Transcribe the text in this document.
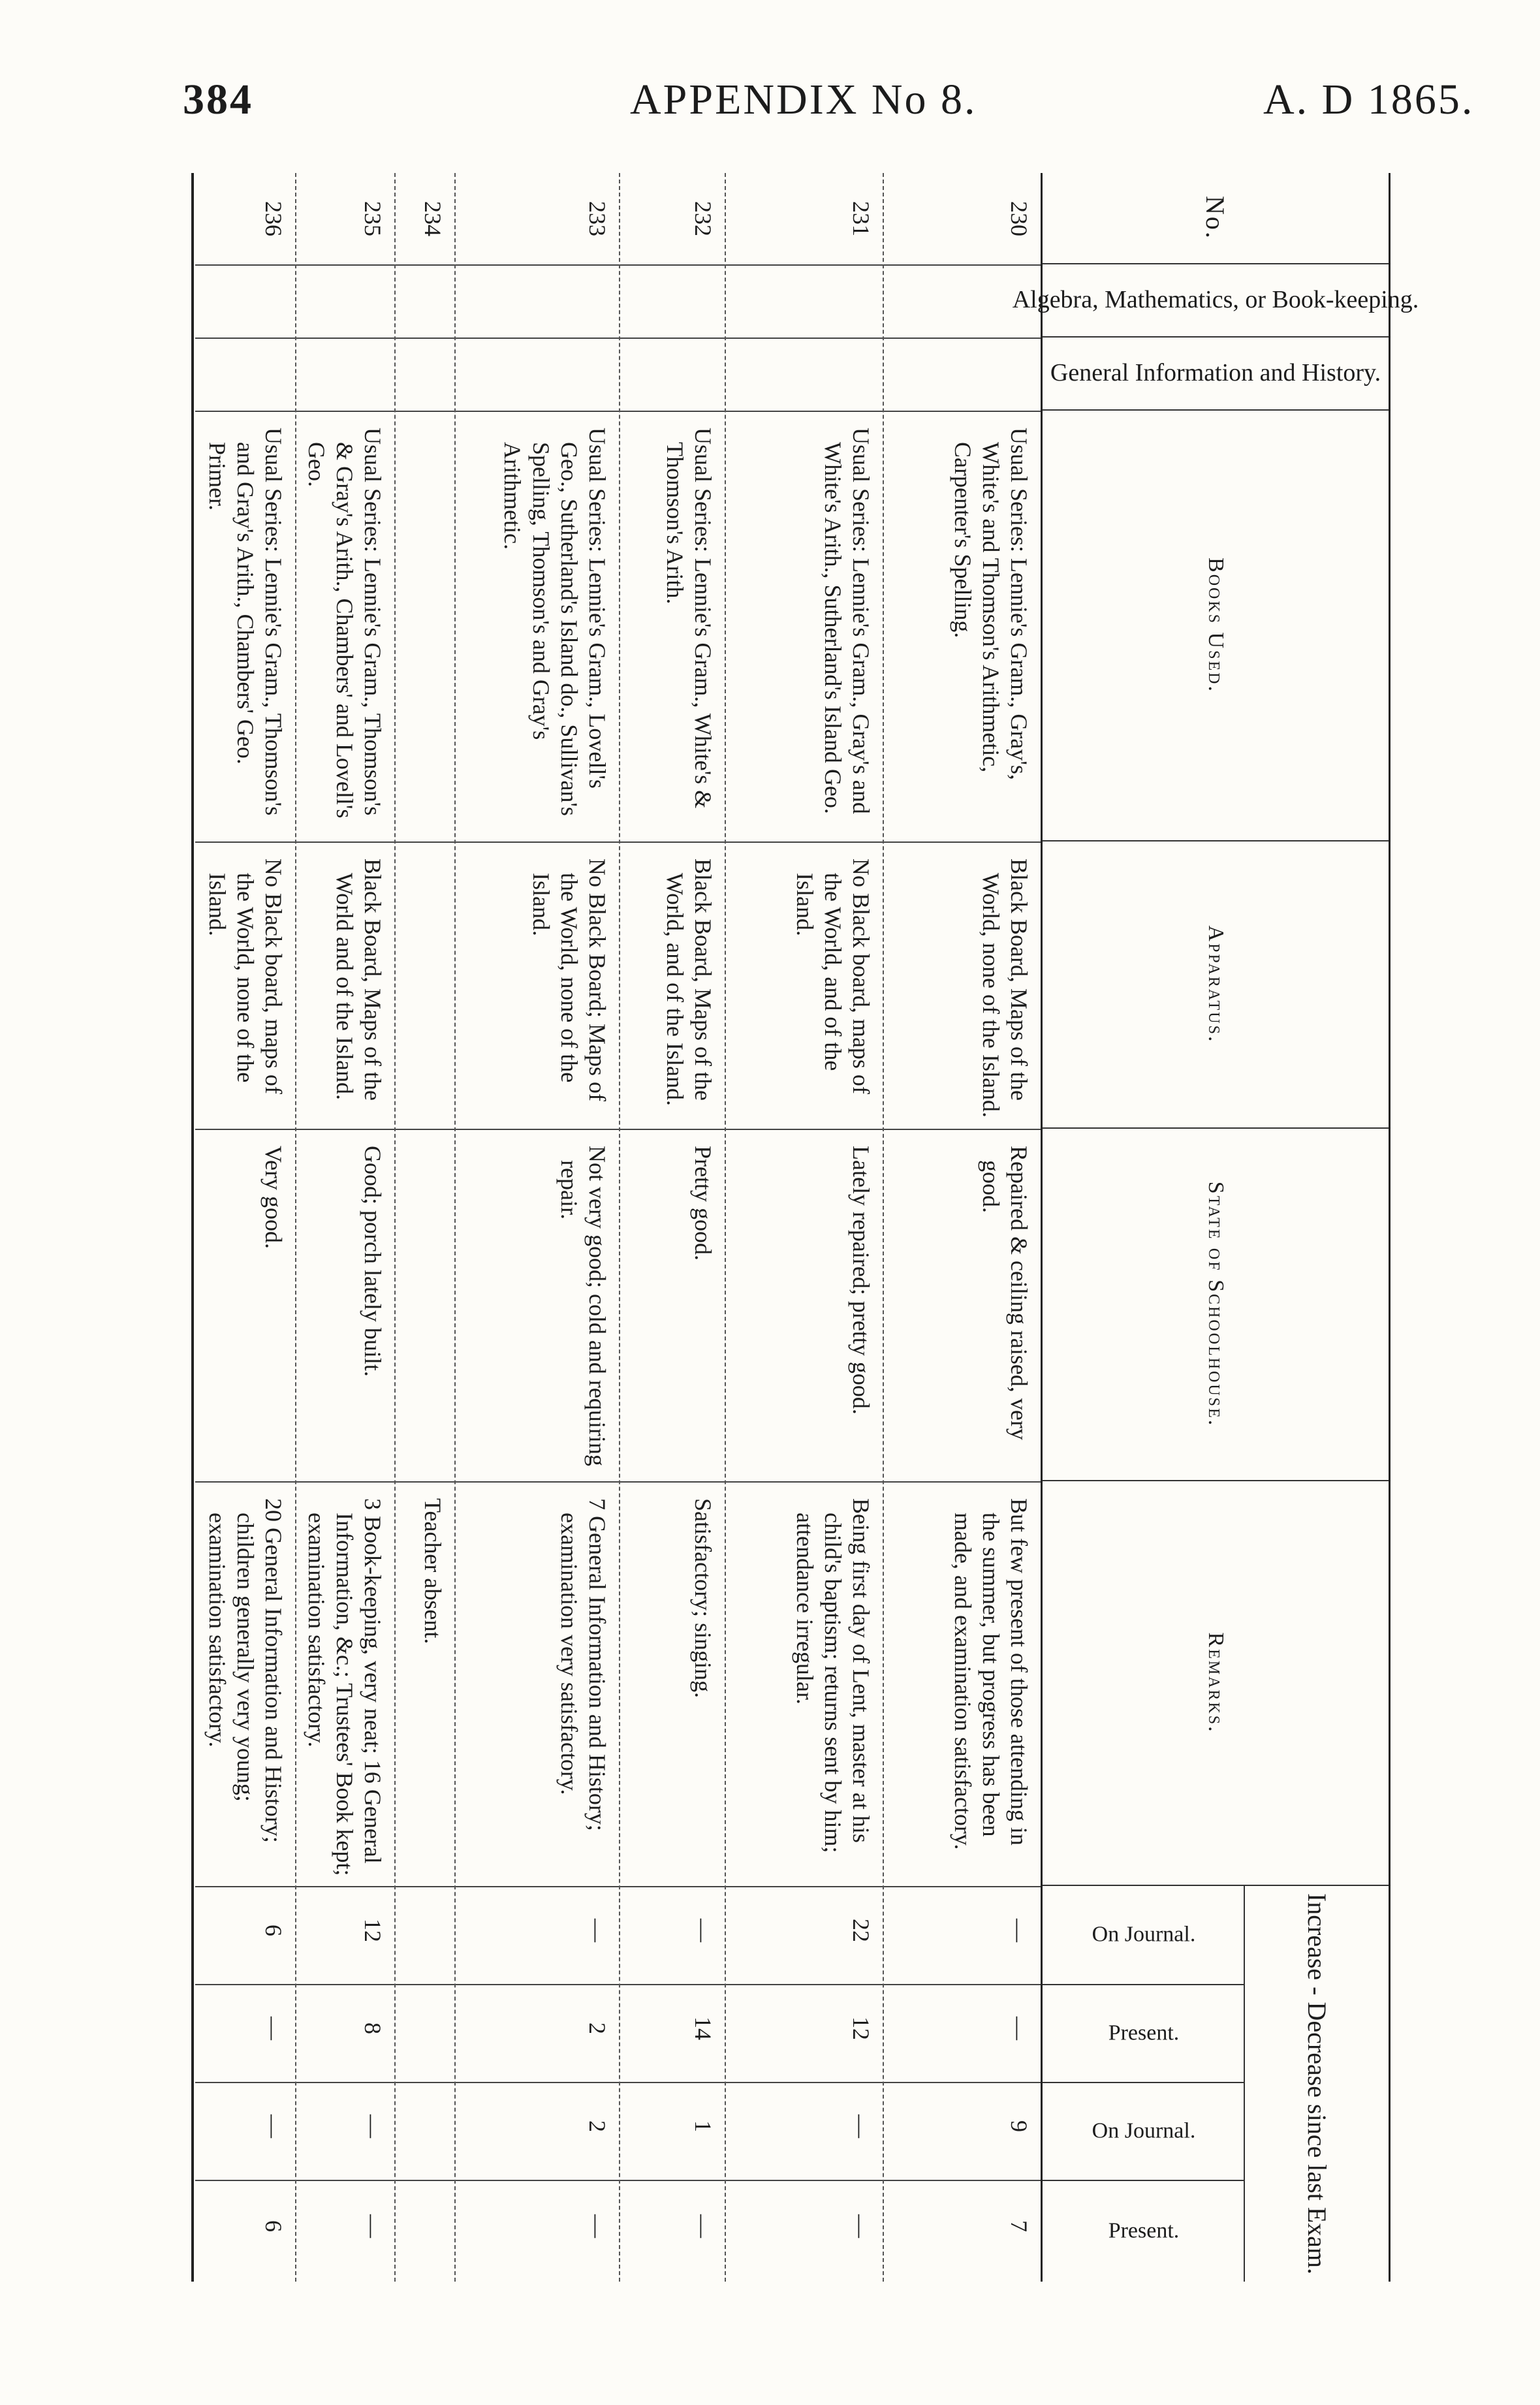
384	APPENDIX No 8.	A. D 1865.
No.
Algebra, Mathematics, or Book-keeping.
General Information and History.
Books Used.
Apparatus.
State of Schoolhouse.
Remarks.
Increase - Decrease since last Exam.
On Journal.
Present.
On Journal.
Present.
230
Usual Series: Lennie's Gram., Gray's, White's and Thomson's Arithmetic, Carpenter's Spelling.
Black Board, Maps of the World, none of the Island.
Repaired & ceiling raised, very good.
But few present of those attending in the summer, but progress has been made, and examination satisfactory.
—
—
9
7
231
Usual Series: Lennie's Gram., Gray's and White's Arith., Sutherland's Island Geo.
No Black board, maps of the World, and of the Island.
Lately repaired; pretty good.
Being first day of Lent, master at his child's baptism; returns sent by him; attendance irregular.
22
12
—
—
232
Usual Series: Lennie's Gram., White's & Thomson's Arith.
Black Board, Maps of the World, and of the Island.
Pretty good.
Satisfactory; singing.
—
14
1
—
233
Usual Series: Lennie's Gram., Lovell's Geo., Sutherland's Island do., Sullivan's Spelling, Thomson's and Gray's Arithmetic.
No Black Board; Maps of the World, none of the Island.
Not very good; cold and requiring repair.
7 General Information and History; examination very satisfactory.
—
2
2
—
234
Teacher absent.
235
Usual Series: Lennie's Gram., Thomson's & Gray's Arith., Chambers' and Lovell's Geo.
Black Board, Maps of the World and of the Island.
Good; porch lately built.
3 Book-keeping, very neat; 16 General Information, &c.; Trustees' Book kept; examination satisfactory.
12
8
—
—
236
Usual Series: Lennie's Gram., Thomson's and Gray's Arith., Chambers' Geo. Primer.
No Black board, maps of the World, none of the Island.
Very good.
20 General Information and History; children generally very young; examination satisfactory.
6
—
—
6
